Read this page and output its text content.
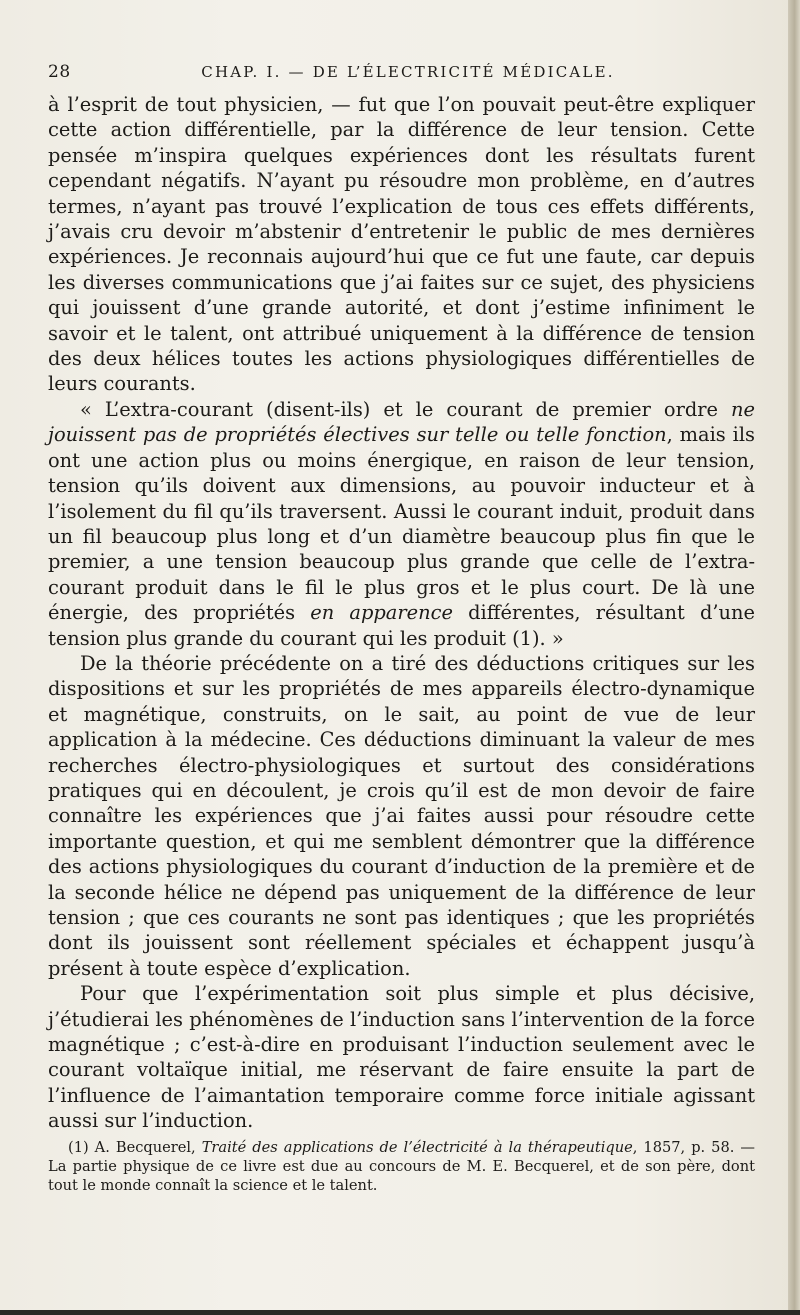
28	CHAP. I. — DE L’ÉLECTRICITÉ MÉDICALE.

à l’esprit de tout physicien, — fut que l’on pouvait peut-être expliquer cette action différentielle, par la différence de leur tension. Cette pensée m’inspira quelques expériences dont les résultats furent cependant négatifs. N’ayant pu résoudre mon problème, en d’autres termes, n’ayant pas trouvé l’explication de tous ces effets différents, j’avais cru devoir m’abstenir d’entretenir le public de mes dernières expériences. Je reconnais aujourd’hui que ce fut une faute, car depuis les diverses communications que j’ai faites sur ce sujet, des physiciens qui jouissent d’une grande autorité, et dont j’estime infiniment le savoir et le talent, ont attribué uniquement à la différence de tension des deux hélices toutes les actions physiologiques différentielles de leurs courants.

« L’extra-courant (disent-ils) et le courant de premier ordre ne jouissent pas de propriétés électives sur telle ou telle fonction, mais ils ont une action plus ou moins énergique, en raison de leur tension, tension qu’ils doivent aux dimensions, au pouvoir inducteur et à l’isolement du fil qu’ils traversent. Aussi le courant induit, produit dans un fil beaucoup plus long et d’un diamètre beaucoup plus fin que le premier, a une tension beaucoup plus grande que celle de l’extra-courant produit dans le fil le plus gros et le plus court. De là une énergie, des propriétés en apparence différentes, résultant d’une tension plus grande du courant qui les produit (1). »

De la théorie précédente on a tiré des déductions critiques sur les dispositions et sur les propriétés de mes appareils électro-dynamique et magnétique, construits, on le sait, au point de vue de leur application à la médecine. Ces déductions diminuant la valeur de mes recherches électro-physiologiques et surtout des considérations pratiques qui en découlent, je crois qu’il est de mon devoir de faire connaître les expériences que j’ai faites aussi pour résoudre cette importante question, et qui me semblent démontrer que la différence des actions physiologiques du courant d’induction de la première et de la seconde hélice ne dépend pas uniquement de la différence de leur tension ; que ces courants ne sont pas identiques ; que les propriétés dont ils jouissent sont réellement spéciales et échappent jusqu’à présent à toute espèce d’explication.

Pour que l’expérimentation soit plus simple et plus décisive, j’étudierai les phénomènes de l’induction sans l’intervention de la force magnétique ; c’est-à-dire en produisant l’induction seulement avec le courant voltaïque initial, me réservant de faire ensuite la part de l’influence de l’aimantation temporaire comme force initiale agissant aussi sur l’induction.

(1) A. Becquerel, Traité des applications de l’électricité à la thérapeutique, 1857, p. 58. — La partie physique de ce livre est due au concours de M. E. Becquerel, et de son père, dont tout le monde connaît la science et le talent.
